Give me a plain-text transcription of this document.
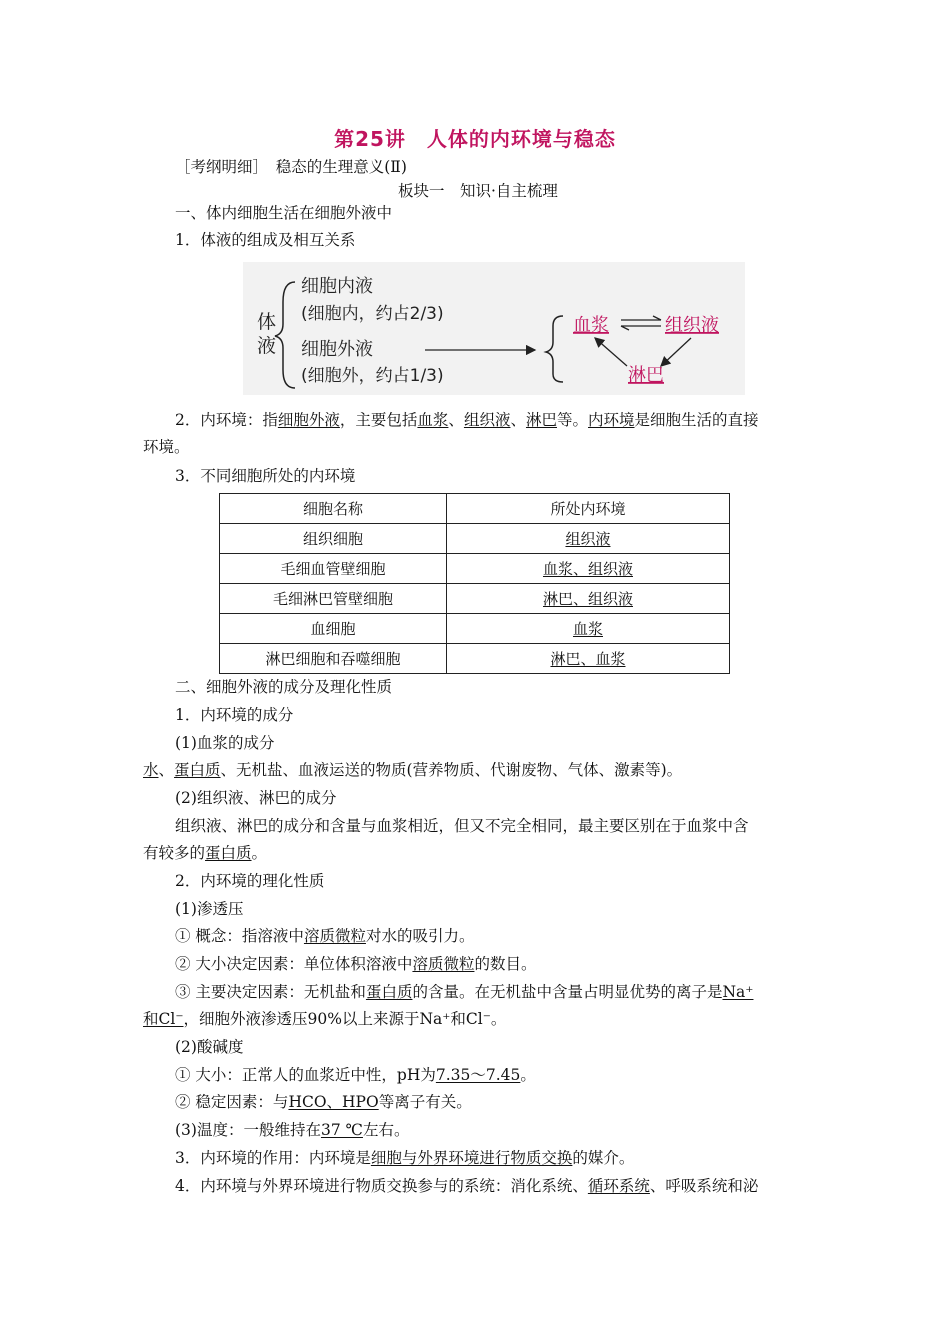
第25讲　人体的内环境与稳态
［考纲明细］　稳态的生理意义(Ⅱ)
板块一　知识·自主梳理
一、体内细胞生活在细胞外液中
1．体液的组成及相互关系
体
液
细胞内液
(细胞内，约占2/3)
细胞外液
(细胞外，约占1/3)
血浆	组织液
淋巴
2．内环境：指细胞外液，主要包括血浆、组织液、淋巴等。内环境是细胞生活的直接
环境。
3．不同细胞所处的内环境
细胞名称	所处内环境
组织细胞	组织液
毛细血管壁细胞	血浆、组织液
毛细淋巴管壁细胞	淋巴、组织液
血细胞	血浆
淋巴细胞和吞噬细胞	淋巴、血浆
二、细胞外液的成分及理化性质
1．内环境的成分
(1)血浆的成分
水、蛋白质、无机盐、血液运送的物质(营养物质、代谢废物、气体、激素等)。
(2)组织液、淋巴的成分
组织液、淋巴的成分和含量与血浆相近，但又不完全相同，最主要区别在于血浆中含
有较多的蛋白质。
2．内环境的理化性质
(1)渗透压
① 概念：指溶液中溶质微粒对水的吸引力。
② 大小决定因素：单位体积溶液中溶质微粒的数目。
③ 主要决定因素：无机盐和蛋白质的含量。在无机盐中含量占明显优势的离子是Na⁺
和Cl⁻，细胞外液渗透压90%以上来源于Na⁺和Cl⁻。
(2)酸碱度
① 大小：正常人的血浆近中性，pH为7.35～7.45。
② 稳定因素：与HCO、HPO等离子有关。
(3)温度：一般维持在37 ℃左右。
3．内环境的作用：内环境是细胞与外界环境进行物质交换的媒介。
4．内环境与外界环境进行物质交换参与的系统：消化系统、循环系统、呼吸系统和泌
